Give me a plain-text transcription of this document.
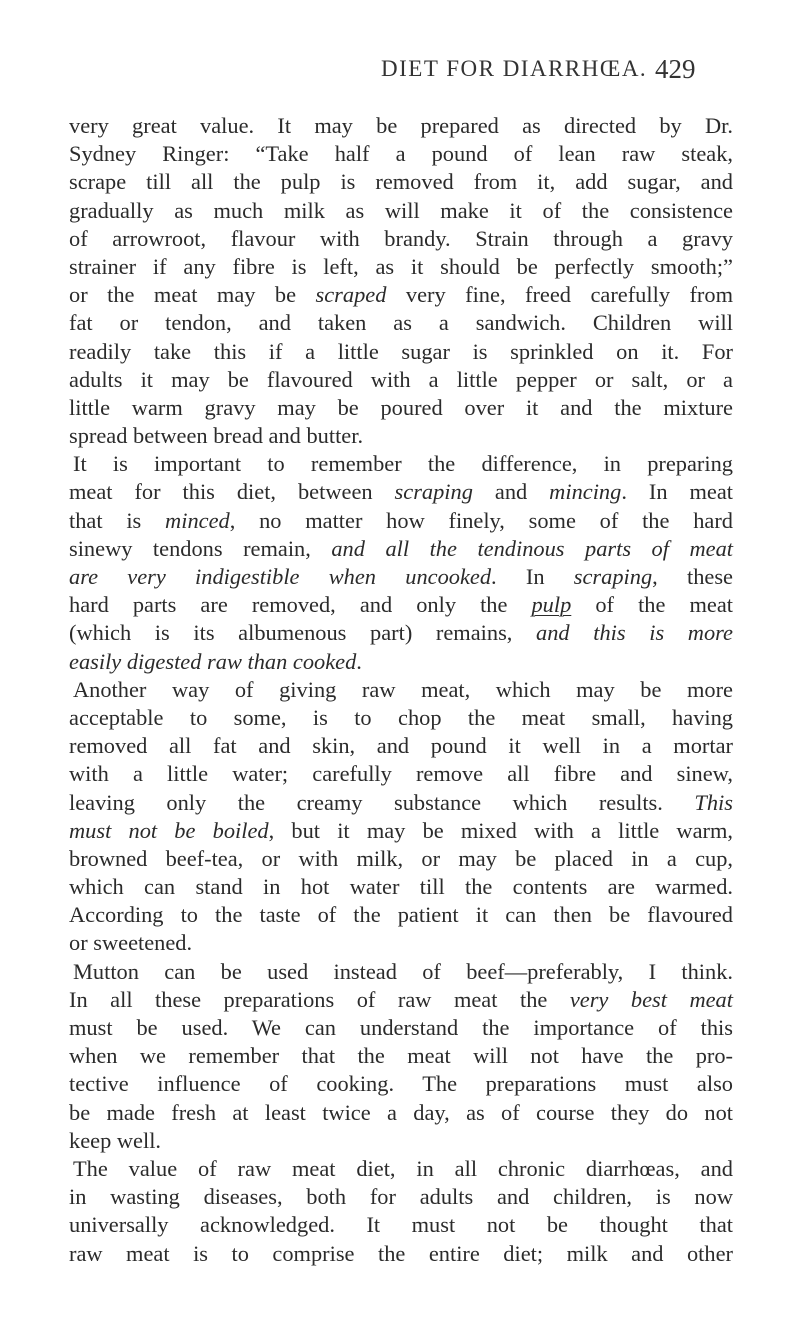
DIET FOR DIARRHŒA. 429
very great value. It may be prepared as directed by Dr.
Sydney Ringer: “Take half a pound of lean raw steak,
scrape till all the pulp is removed from it, add sugar, and
gradually as much milk as will make it of the consistence
of arrowroot, flavour with brandy. Strain through a gravy
strainer if any fibre is left, as it should be perfectly smooth;”
or the meat may be scraped very fine, freed carefully from
fat or tendon, and taken as a sandwich. Children will
readily take this if a little sugar is sprinkled on it. For
adults it may be flavoured with a little pepper or salt, or a
little warm gravy may be poured over it and the mixture
spread between bread and butter.
It is important to remember the difference, in preparing
meat for this diet, between scraping and mincing. In meat
that is minced, no matter how finely, some of the hard
sinewy tendons remain, and all the tendinous parts of meat
are very indigestible when uncooked. In scraping, these
hard parts are removed, and only the pulp of the meat
(which is its albumenous part) remains, and this is more
easily digested raw than cooked.
Another way of giving raw meat, which may be more
acceptable to some, is to chop the meat small, having
removed all fat and skin, and pound it well in a mortar
with a little water; carefully remove all fibre and sinew,
leaving only the creamy substance which results. This
must not be boiled, but it may be mixed with a little warm,
browned beef-tea, or with milk, or may be placed in a cup,
which can stand in hot water till the contents are warmed.
According to the taste of the patient it can then be flavoured
or sweetened.
Mutton can be used instead of beef—preferably, I think.
In all these preparations of raw meat the very best meat
must be used. We can understand the importance of this
when we remember that the meat will not have the pro-
tective influence of cooking. The preparations must also
be made fresh at least twice a day, as of course they do not
keep well.
The value of raw meat diet, in all chronic diarrhœas, and
in wasting diseases, both for adults and children, is now
universally acknowledged. It must not be thought that
raw meat is to comprise the entire diet; milk and other
